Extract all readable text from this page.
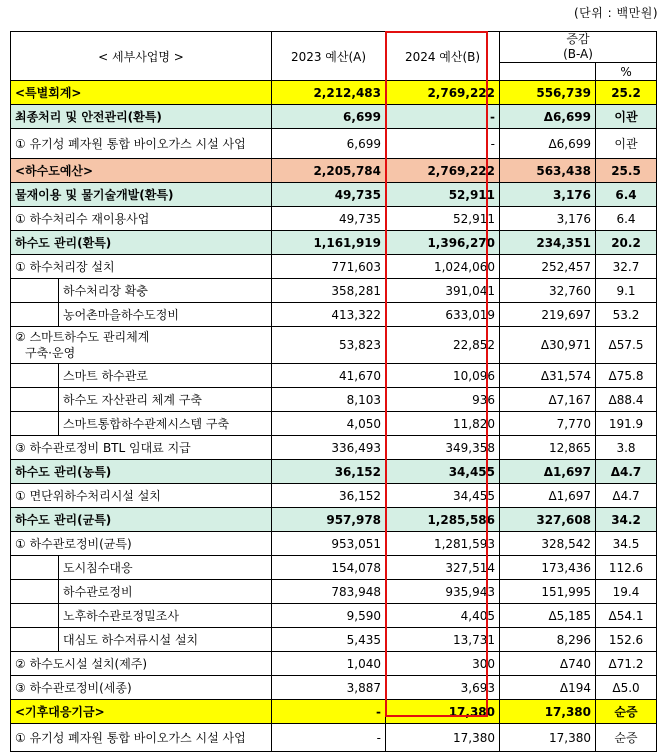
(단위 : 백만원)
< 세부사업명 >		2023 예산(A)	2024 예산(B)	증감
(B-A)	

					%
<특별회계>		2,212,483	2,769,222	556,739	25.2
최종처리 및 안전관리(환특)		6,699	-	Δ6,699	이관
① 유기성 폐자원 통합 바이오가스 시설 사업		6,699	-	Δ6,699	이관
<하수도예산>		2,205,784	2,769,222	563,438	25.5
물재이용 및 물기술개발(환특)		49,735	52,911	3,176	6.4
① 하수처리수 재이용사업		49,735	52,911	3,176	6.4
하수도 관리(환특)		1,161,919	1,396,270	234,351	20.2
① 하수처리장 설치		771,603	1,024,060	252,457	32.7
	하수처리장 확충	358,281	391,041	32,760	9.1
	농어촌마을하수도정비	413,322	633,019	219,697	53.2

② 스마트하수도 관리체계
구축·운영		53,823	22,852	Δ30,971	Δ57.5
	스마트 하수관로	41,670	10,096	Δ31,574	Δ75.8
	하수도 자산관리 체계 구축	8,103	936	Δ7,167	Δ88.4
	스마트통합하수관제시스템 구축	4,050	11,820	7,770	191.9
③ 하수관로정비 BTL 임대료 지급		336,493	349,358	12,865	3.8
하수도 관리(농특)		36,152	34,455	Δ1,697	Δ4.7
① 면단위하수처리시설 설치		36,152	34,455	Δ1,697	Δ4.7
하수도 관리(균특)		957,978	1,285,586	327,608	34.2
① 하수관로정비(균특)		953,051	1,281,593	328,542	34.5
	도시침수대응	154,078	327,514	173,436	112.6
	하수관로정비	783,948	935,943	151,995	19.4
	노후하수관로정밀조사	9,590	4,405	Δ5,185	Δ54.1
	대심도 하수저류시설 설치	5,435	13,731	8,296	152.6
② 하수도시설 설치(제주)		1,040	300	Δ740	Δ71.2
③ 하수관로정비(세종)		3,887	3,693	Δ194	Δ5.0
<기후대응기금>		-	17,380	17,380	순증
① 유기성 폐자원 통합 바이오가스 시설 사업		-	17,380	17,380	순증
